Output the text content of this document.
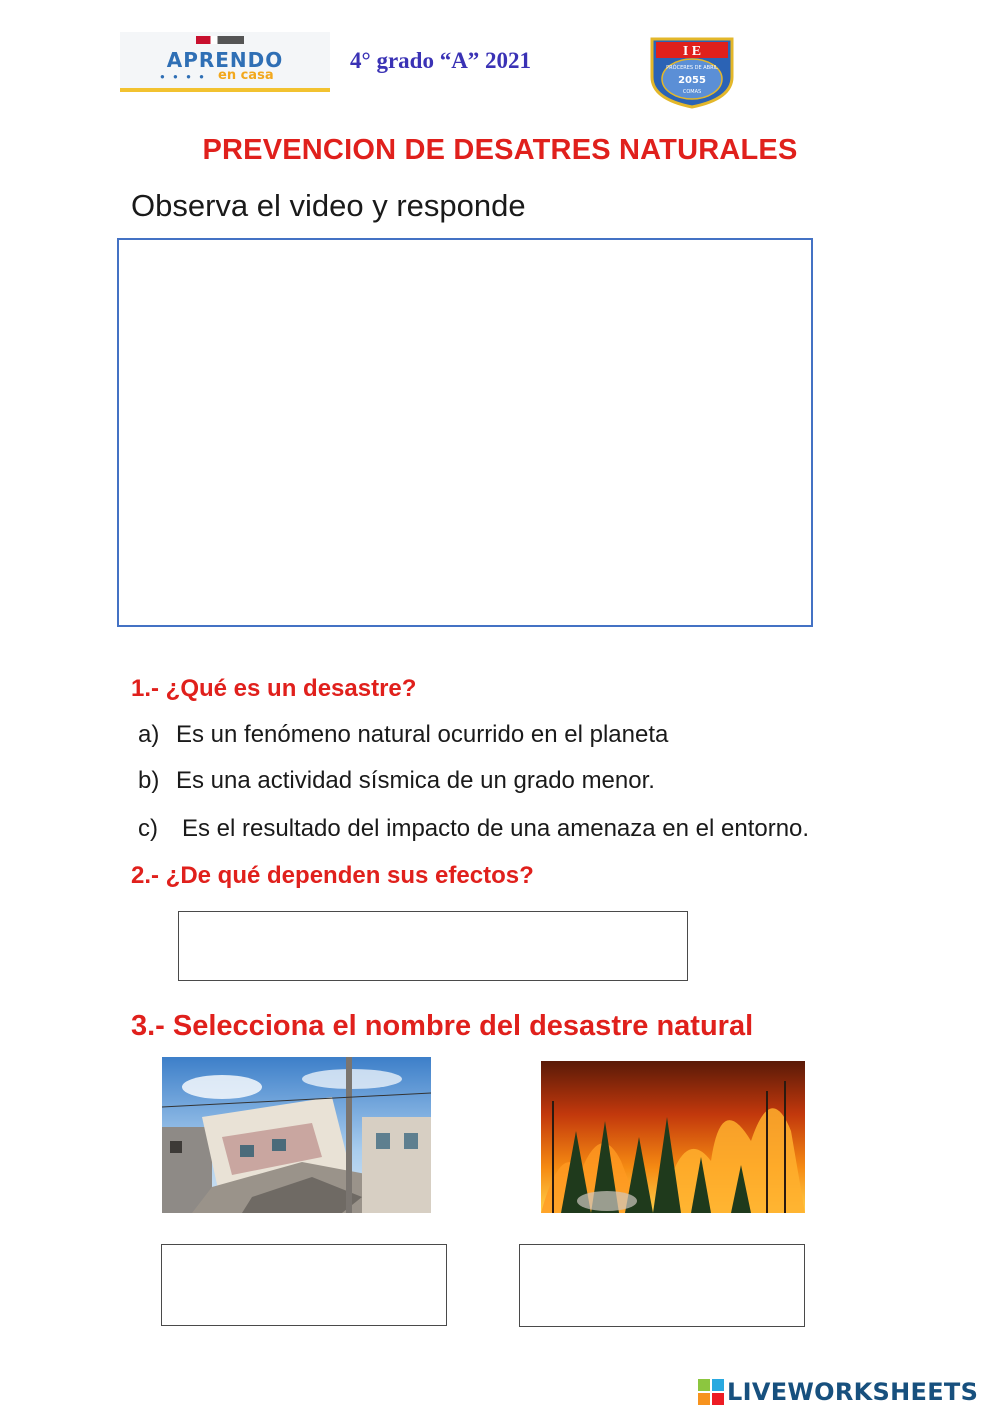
APRENDO
● ● ● ● en casa
4° grado “A” 2021	I E
PRÓCERES DE ABRIL
2055
COMAS
PREVENCION DE DESATRES NATURALES
Observa el video y responde
1.- ¿Qué es un desastre?
a) Es un fenómeno natural ocurrido en el planeta
b) Es una actividad sísmica de un grado menor.
c) Es el resultado del impacto de una amenaza en el entorno.
2.- ¿De qué dependen sus efectos?
3.- Selecciona el nombre del desastre natural
LIVEWORKSHEETS
